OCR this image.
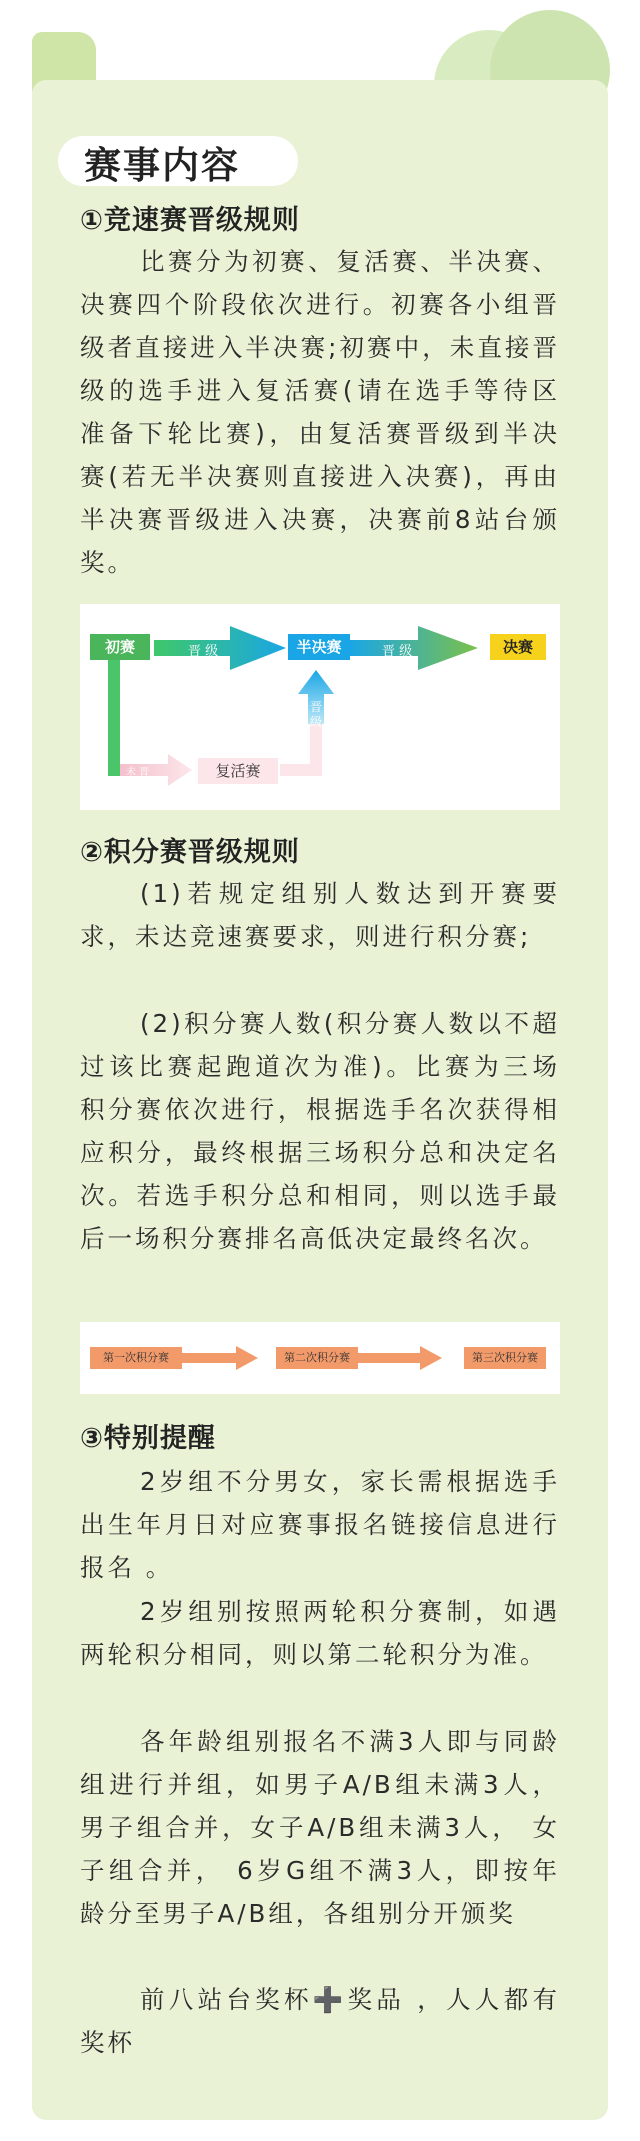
赛事内容
①竞速赛晋级规则

比赛分为初赛、复活赛、半决赛、决赛四个阶段依次进行。初赛各小组晋级者直接进入半决赛;初赛中，未直接晋级的选手进入复活赛(请在选手等待区准备下轮比赛)，由复活赛晋级到半决赛(若无半决赛则直接进入决赛)，再由半决赛晋级进入决赛，决赛前8站台颁奖。

初赛	半决赛	决赛
复活赛
晋 级	晋 级
晋
级
未 晋
②积分赛晋级规则

(1)若规定组别人数达到开赛要求，未达竞速赛要求，则进行积分赛;

(2)积分赛人数(积分赛人数以不超过该比赛起跑道次为准)。比赛为三场积分赛依次进行，根据选手名次获得相应积分，最终根据三场积分总和决定名次。若选手积分总和相同，则以选手最后一场积分赛排名高低决定最终名次。

第一次积分赛	第二次积分赛	第三次积分赛
③特别提醒

2岁组不分男女，家长需根据选手出生年月日对应赛事报名链接信息进行报名 。

2岁组别按照两轮积分赛制，如遇两轮积分相同，则以第二轮积分为准。

各年龄组别报名不满3人即与同龄组进行并组，如男子A/B组未满3人，男子组合并，女子A/B组未满3人， 女子组合并， 6岁G组不满3人，即按年龄分至男子A/B组，各组别分开颁奖

前八站台奖杯➕奖品 ，人人都有奖杯
